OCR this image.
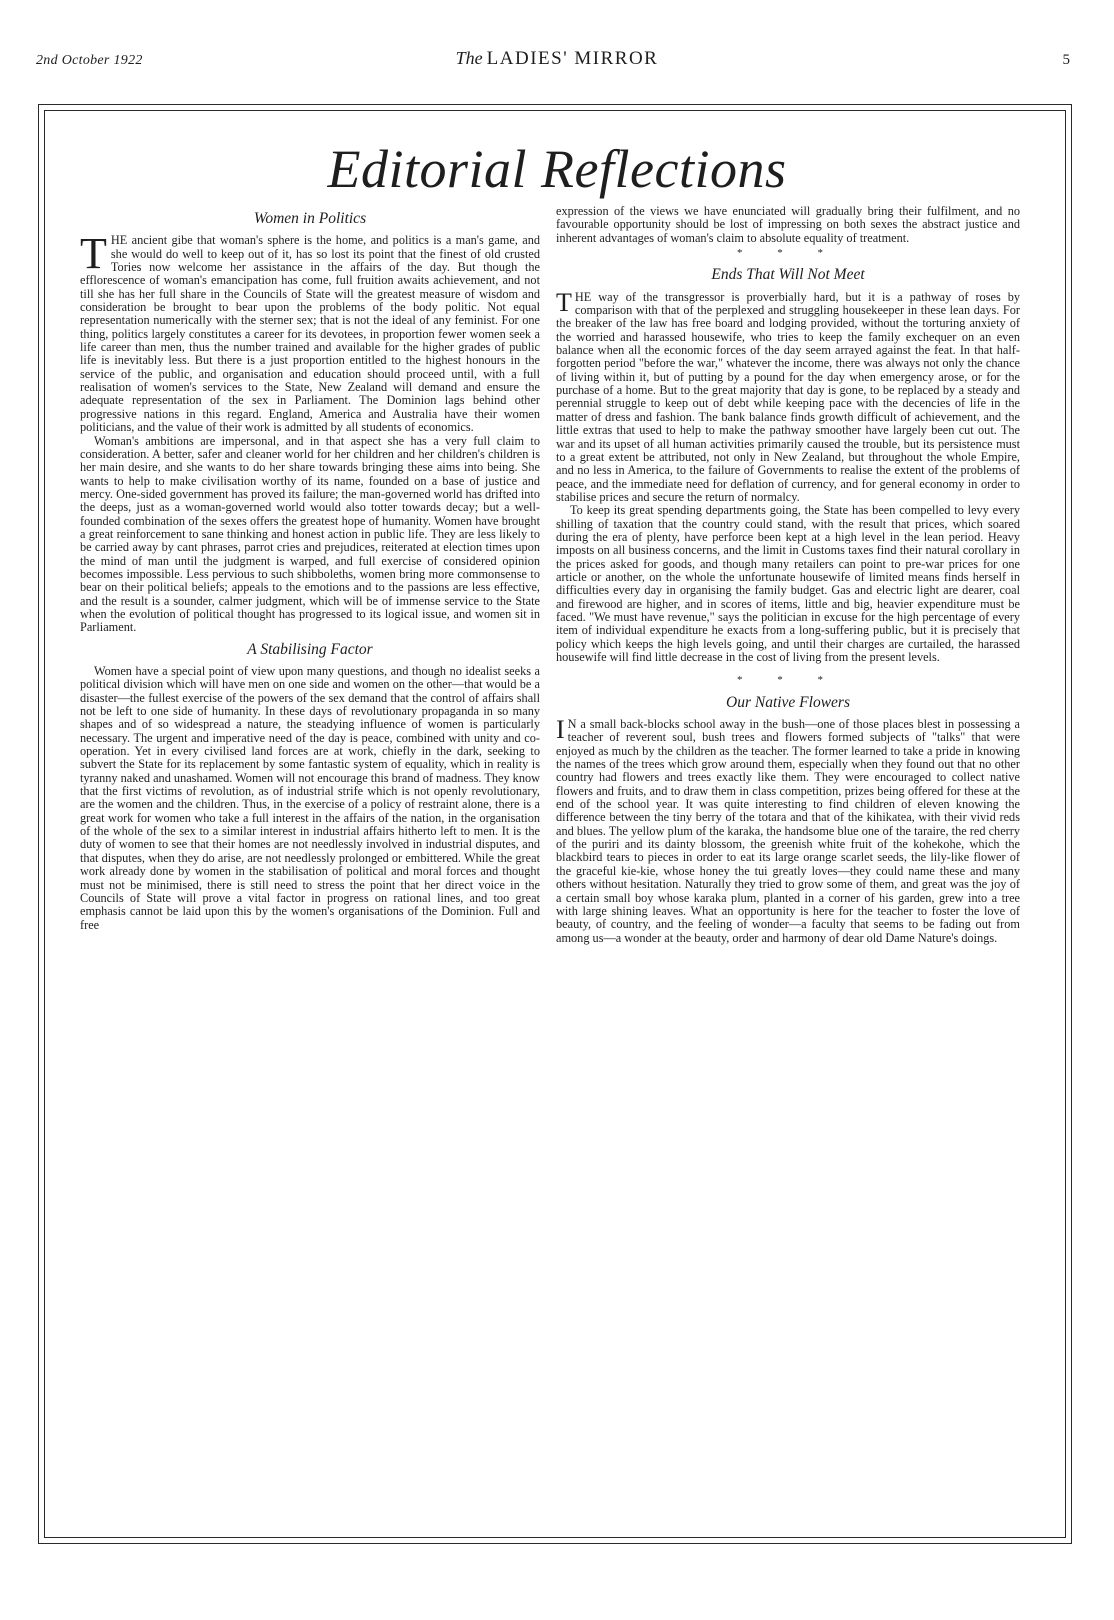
2nd October 1922	The LADIES' MIRROR	5
Editorial Reflections
Women in Politics

THE ancient gibe that woman's sphere is the home, and politics is a man's game, and she would do well to keep out of it, has so lost its point that the finest of old crusted Tories now welcome her assistance in the affairs of the day. But though the efflorescence of woman's emancipation has come, full fruition awaits achievement, and not till she has her full share in the Councils of State will the greatest measure of wisdom and consideration be brought to bear upon the problems of the body politic. Not equal representation numerically with the sterner sex; that is not the ideal of any feminist. For one thing, politics largely constitutes a career for its devotees, in proportion fewer women seek a life career than men, thus the number trained and available for the higher grades of public life is inevitably less. But there is a just proportion entitled to the highest honours in the service of the public, and organisation and education should proceed until, with a full realisation of women's services to the State, New Zealand will demand and ensure the adequate representation of the sex in Parliament. The Dominion lags behind other progressive nations in this regard. England, America and Australia have their women politicians, and the value of their work is admitted by all students of economics.

Woman's ambitions are impersonal, and in that aspect she has a very full claim to consideration. A better, safer and cleaner world for her children and her children's children is her main desire, and she wants to do her share towards bringing these aims into being. She wants to help to make civilisation worthy of its name, founded on a base of justice and mercy. One-sided government has proved its failure; the man-governed world has drifted into the deeps, just as a woman-governed world would also totter towards decay; but a well-founded combination of the sexes offers the greatest hope of humanity. Women have brought a great reinforcement to sane thinking and honest action in public life. They are less likely to be carried away by cant phrases, parrot cries and prejudices, reiterated at election times upon the mind of man until the judgment is warped, and full exercise of considered opinion becomes impossible. Less pervious to such shibboleths, women bring more commonsense to bear on their political beliefs; appeals to the emotions and to the passions are less effective, and the result is a sounder, calmer judgment, which will be of immense service to the State when the evolution of political thought has progressed to its logical issue, and women sit in Parliament.

A Stabilising Factor

Women have a special point of view upon many questions, and though no idealist seeks a political division which will have men on one side and women on the other—that would be a disaster—the fullest exercise of the powers of the sex demand that the control of affairs shall not be left to one side of humanity. In these days of revolutionary propaganda in so many shapes and of so widespread a nature, the steadying influence of women is particularly necessary. The urgent and imperative need of the day is peace, combined with unity and co-operation. Yet in every civilised land forces are at work, chiefly in the dark, seeking to subvert the State for its replacement by some fantastic system of equality, which in reality is tyranny naked and unashamed. Women will not encourage this brand of madness. They know that the first victims of revolution, as of industrial strife which is not openly revolutionary, are the women and the children. Thus, in the exercise of a policy of restraint alone, there is a great work for women who take a full interest in the affairs of the nation, in the organisation of the whole of the sex to a similar interest in industrial affairs hitherto left to men. It is the duty of women to see that their homes are not needlessly involved in industrial disputes, and that disputes, when they do arise, are not needlessly prolonged or embittered. While the great work already done by women in the stabilisation of political and moral forces and thought must not be minimised, there is still need to stress the point that her direct voice in the Councils of State will prove a vital factor in progress on rational lines, and too great emphasis cannot be laid upon this by the women's organisations of the Dominion. Full and free

expression of the views we have enunciated will gradually bring their fulfilment, and no favourable opportunity should be lost of impressing on both sexes the abstract justice and inherent advantages of woman's claim to absolute equality of treatment.

* * *
Ends That Will Not Meet

THE way of the transgressor is proverbially hard, but it is a pathway of roses by comparison with that of the perplexed and struggling housekeeper in these lean days. For the breaker of the law has free board and lodging provided, without the torturing anxiety of the worried and harassed housewife, who tries to keep the family exchequer on an even balance when all the economic forces of the day seem arrayed against the feat. In that half-forgotten period "before the war," whatever the income, there was always not only the chance of living within it, but of putting by a pound for the day when emergency arose, or for the purchase of a home. But to the great majority that day is gone, to be replaced by a steady and perennial struggle to keep out of debt while keeping pace with the decencies of life in the matter of dress and fashion. The bank balance finds growth difficult of achievement, and the little extras that used to help to make the pathway smoother have largely been cut out. The war and its upset of all human activities primarily caused the trouble, but its persistence must to a great extent be attributed, not only in New Zealand, but throughout the whole Empire, and no less in America, to the failure of Governments to realise the extent of the problems of peace, and the immediate need for deflation of currency, and for general economy in order to stabilise prices and secure the return of normalcy.

To keep its great spending departments going, the State has been compelled to levy every shilling of taxation that the country could stand, with the result that prices, which soared during the era of plenty, have perforce been kept at a high level in the lean period. Heavy imposts on all business concerns, and the limit in Customs taxes find their natural corollary in the prices asked for goods, and though many retailers can point to pre-war prices for one article or another, on the whole the unfortunate housewife of limited means finds herself in difficulties every day in organising the family budget. Gas and electric light are dearer, coal and firewood are higher, and in scores of items, little and big, heavier expenditure must be faced. "We must have revenue," says the politician in excuse for the high percentage of every item of individual expenditure he exacts from a long-suffering public, but it is precisely that policy which keeps the high levels going, and until their charges are curtailed, the harassed housewife will find little decrease in the cost of living from the present levels.

* * *
Our Native Flowers

I N a small back-blocks school away in the bush—one of those places blest in possessing a teacher of reverent soul, bush trees and flowers formed subjects of "talks" that were enjoyed as much by the children as the teacher. The former learned to take a pride in knowing the names of the trees which grow around them, especially when they found out that no other country had flowers and trees exactly like them. They were encouraged to collect native flowers and fruits, and to draw them in class competition, prizes being offered for these at the end of the school year. It was quite interesting to find children of eleven knowing the difference between the tiny berry of the totara and that of the kihikatea, with their vivid reds and blues. The yellow plum of the karaka, the handsome blue one of the taraire, the red cherry of the puriri and its dainty blossom, the greenish white fruit of the kohekohe, which the blackbird tears to pieces in order to eat its large orange scarlet seeds, the lily-like flower of the graceful kie-kie, whose honey the tui greatly loves—they could name these and many others without hesitation. Naturally they tried to grow some of them, and great was the joy of a certain small boy whose karaka plum, planted in a corner of his garden, grew into a tree with large shining leaves. What an opportunity is here for the teacher to foster the love of beauty, of country, and the feeling of wonder—a faculty that seems to be fading out from among us—a wonder at the beauty, order and harmony of dear old Dame Nature's doings.
